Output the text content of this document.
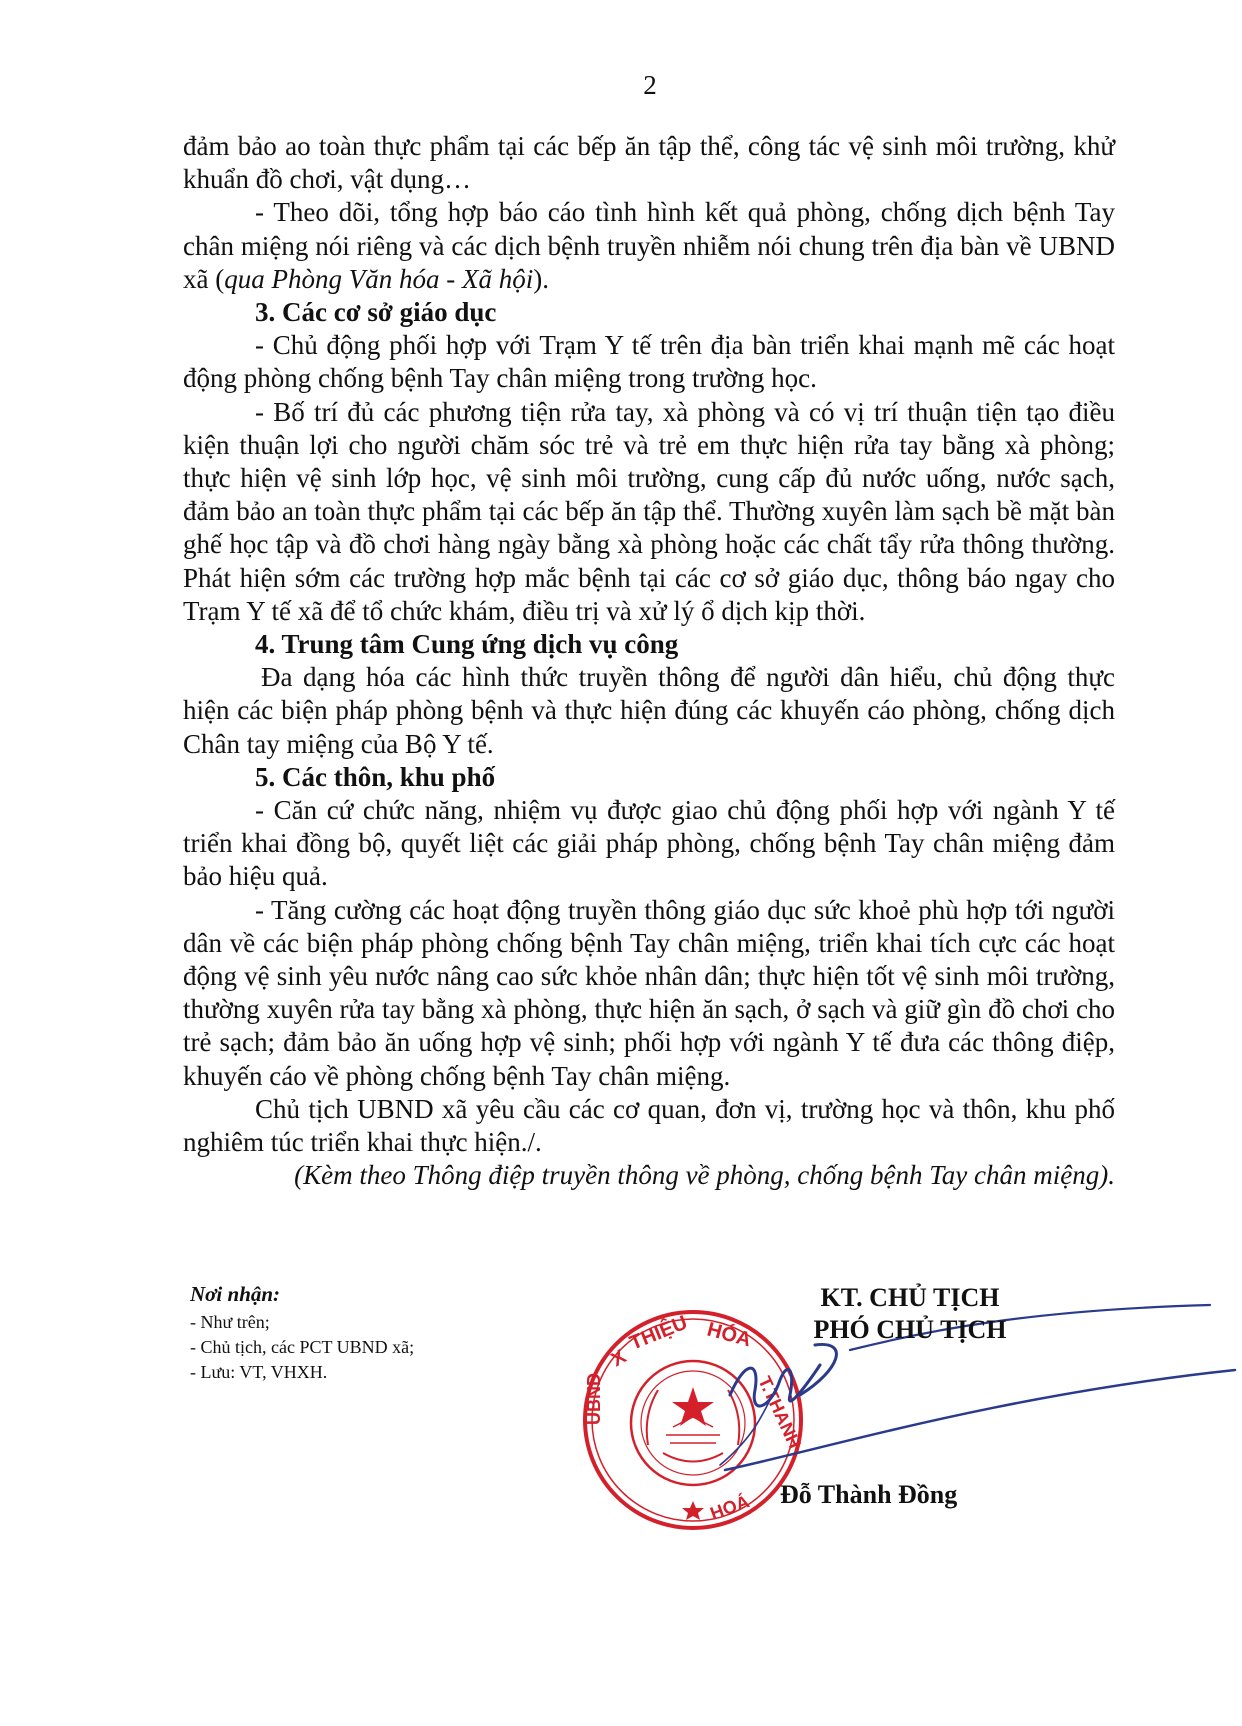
2

đảm bảo ao toàn thực phẩm tại các bếp ăn tập thể, công tác vệ sinh môi trường, khử khuẩn đồ chơi, vật dụng…

- Theo dõi, tổng hợp báo cáo tình hình kết quả phòng, chống dịch bệnh Tay chân miệng nói riêng và các dịch bệnh truyền nhiễm nói chung trên địa bàn về UBND xã (qua Phòng Văn hóa - Xã hội).

3. Các cơ sở giáo dục

- Chủ động phối hợp với Trạm Y tế trên địa bàn triển khai mạnh mẽ các hoạt động phòng chống bệnh Tay chân miệng trong trường học.

- Bố trí đủ các phương tiện rửa tay, xà phòng và có vị trí thuận tiện tạo điều kiện thuận lợi cho người chăm sóc trẻ và trẻ em thực hiện rửa tay bằng xà phòng; thực hiện vệ sinh lớp học, vệ sinh môi trường, cung cấp đủ nước uống, nước sạch, đảm bảo an toàn thực phẩm tại các bếp ăn tập thể. Thường xuyên làm sạch bề mặt bàn ghế học tập và đồ chơi hàng ngày bằng xà phòng hoặc các chất tẩy rửa thông thường. Phát hiện sớm các trường hợp mắc bệnh tại các cơ sở giáo dục, thông báo ngay cho Trạm Y tế xã để tổ chức khám, điều trị và xử lý ổ dịch kịp thời.

4. Trung tâm Cung ứng dịch vụ công

Đa dạng hóa các hình thức truyền thông để người dân hiểu, chủ động thực hiện các biện pháp phòng bệnh và thực hiện đúng các khuyến cáo phòng, chống dịch Chân tay miệng của Bộ Y tế.

5. Các thôn, khu phố

- Căn cứ chức năng, nhiệm vụ được giao chủ động phối hợp với ngành Y tế triển khai đồng bộ, quyết liệt các giải pháp phòng, chống bệnh Tay chân miệng đảm bảo hiệu quả.

- Tăng cường các hoạt động truyền thông giáo dục sức khoẻ phù hợp tới người dân về các biện pháp phòng chống bệnh Tay chân miệng, triển khai tích cực các hoạt động vệ sinh yêu nước nâng cao sức khỏe nhân dân; thực hiện tốt vệ sinh môi trường, thường xuyên rửa tay bằng xà phòng, thực hiện ăn sạch, ở sạch và giữ gìn đồ chơi cho trẻ sạch; đảm bảo ăn uống hợp vệ sinh; phối hợp với ngành Y tế đưa các thông điệp, khuyến cáo về phòng chống bệnh Tay chân miệng.

Chủ tịch UBND xã yêu cầu các cơ quan, đơn vị, trường học và thôn, khu phố nghiêm túc triển khai thực hiện./.

(Kèm theo Thông điệp truyền thông về phòng, chống bệnh Tay chân miệng).

Nơi nhận:
- Như trên;
- Chủ tịch, các PCT UBND xã;
- Lưu: VT, VHXH.
X
THIỆU HÓA
T.THANH
UBND
HOÁ
KT. CHỦ TỊCH
PHÓ CHỦ TỊCH
Đỗ Thành Đồng
